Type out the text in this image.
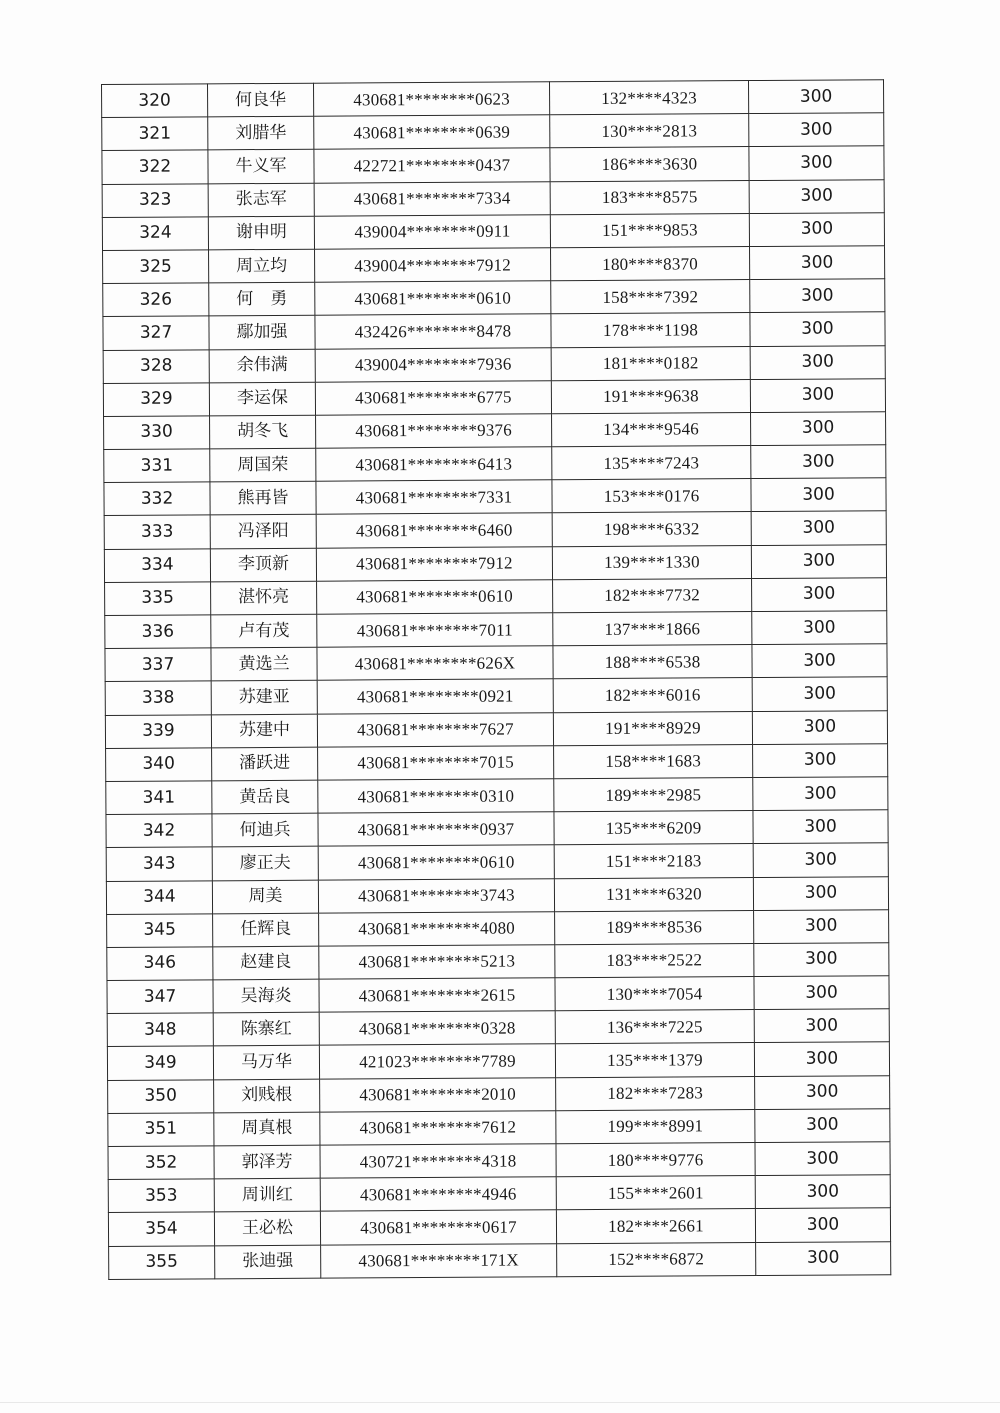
320	何良华	430681********0623	132****4323	300
321	刘腊华	430681********0639	130****2813	300
322	牛义军	422721********0437	186****3630	300
323	张志军	430681********7334	183****8575	300
324	谢申明	439004********0911	151****9853	300
325	周立均	439004********7912	180****8370	300
326	何　勇	430681********0610	158****7392	300
327	鄢加强	432426********8478	178****1198	300
328	余伟满	439004********7936	181****0182	300
329	李运保	430681********6775	191****9638	300
330	胡冬飞	430681********9376	134****9546	300
331	周国荣	430681********6413	135****7243	300
332	熊再皆	430681********7331	153****0176	300
333	冯泽阳	430681********6460	198****6332	300
334	李顶新	430681********7912	139****1330	300
335	湛怀亮	430681********0610	182****7732	300
336	卢有茂	430681********7011	137****1866	300
337	黄选兰	430681********626X	188****6538	300
338	苏建亚	430681********0921	182****6016	300
339	苏建中	430681********7627	191****8929	300
340	潘跃进	430681********7015	158****1683	300
341	黄岳良	430681********0310	189****2985	300
342	何迪兵	430681********0937	135****6209	300
343	廖正夫	430681********0610	151****2183	300
344	周美	430681********3743	131****6320	300
345	任辉良	430681********4080	189****8536	300
346	赵建良	430681********5213	183****2522	300
347	吴海炎	430681********2615	130****7054	300
348	陈寨红	430681********0328	136****7225	300
349	马万华	421023********7789	135****1379	300
350	刘贱根	430681********2010	182****7283	300
351	周真根	430681********7612	199****8991	300
352	郭泽芳	430721********4318	180****9776	300
353	周训红	430681********4946	155****2601	300
354	王必松	430681********0617	182****2661	300
355	张迪强	430681********171X	152****6872	300
